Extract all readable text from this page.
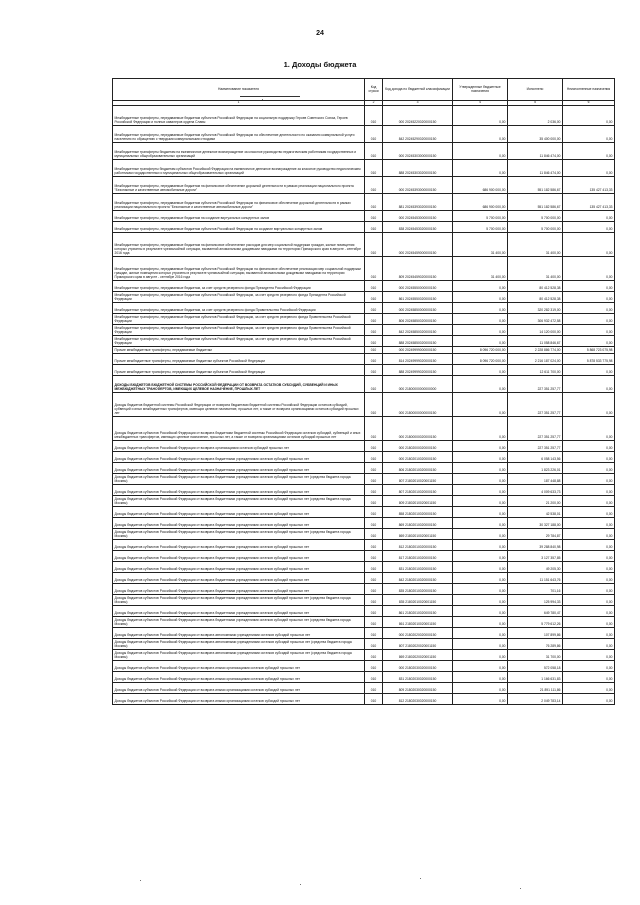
24
1. Доходы бюджета
Наименование показателя	Код строки	Код дохода по бюджетной классификации	Утвержденные бюджетные назначения	Исполнено	Неисполненные назначения
1	2	3	4	5	6
Межбюджетные трансферты, передаваемые бюджетам субъектов Российской Федерации на социальную поддержку Героев Советского Союза, Героев Российской Федерации и полных кавалеров ордена Славы	010	000 20245220020000150	0,00	2 036,00	0,00
Межбюджетные трансферты, передаваемые бюджетам субъектов Российской Федерации на обеспечение деятельности по оказанию коммунальной услуги населению по обращению с твердыми коммунальными отходами	010	842 20245290020000150	0,00	35 400 000,00	0,00
Межбюджетные трансферты бюджетам на ежемесячное денежное вознаграждение за классное руководство педагогическим работникам государственных и муниципальных общеобразовательных организаций	010	000 20245303000000150	0,00	11 846 474,00	0,00
Межбюджетные трансферты бюджетам субъектов Российской Федерации на ежемесячное денежное вознаграждение за классное руководство педагогическим работникам государственных и муниципальных общеобразовательных организаций	010	888 20245303020000150	0,00	11 846 474,00	0,00
Межбюджетные трансферты, передаваемые бюджетам на финансовое обеспечение дорожной деятельности в рамках реализации национального проекта "Безопасные и качественные автомобильные дороги"	010	000 20245393000000150	686 900 000,00	551 182 586,67	135 427 413,33
Межбюджетные трансферты, передаваемые бюджетам субъектов Российской Федерации на финансовое обеспечение дорожной деятельности в рамках реализации национального проекта "Безопасные и качественные автомобильные дороги"	010	881 20245393020000150	686 900 000,00	551 182 586,67	135 427 413,33
Межбюджетные трансферты, передаваемые бюджетам на создание виртуальных концертных залов	010	000 20245453000000150	5 700 000,00	5 700 000,00	0,00
Межбюджетные трансферты, передаваемые бюджетам субъектов Российской Федерации на создание виртуальных концертных залов	010	838 20245453020000150	5 700 000,00	5 700 000,00	0,00
Межбюджетные трансферты, передаваемые бюджетам на финансовое обеспечение расходов для мер социальной поддержки граждан, жилые помещения которых утрачены в результате чрезвычайной ситуации, вызванной аномальными дождевыми паводками на территории Приморского края в августе - сентябре 2016 года	010	000 20245459000000150	31 400,00	31 400,00	0,00
Межбюджетные трансферты, передаваемые бюджетам субъектов Российской Федерации на финансовое обеспечение реализации мер социальной поддержки граждан, жилые помещения которых утрачены в результате чрезвычайной ситуации, вызванной аномальными дождевыми паводками на территории Приморского края в августе - сентябре 2016 года	010	809 20245459020000150	31 400,00	31 400,00	0,00
Межбюджетные трансферты, передаваемые бюджетам, за счет средств резервного фонда Президента Российской Федерации	010	000 20245550000000150	0,00	80 412 528,38	0,00
Межбюджетные трансферты, передаваемые бюджетам субъектов Российской Федерации, за счет средств резервного фонда Президента Российской Федерации	010	861 20245550020000150	0,00	80 412 528,38	0,00
Межбюджетные трансферты, передаваемые бюджетам, за счет средств резервного фонда Правительства Российской Федерации	010	000 20245850000000150	0,00	320 282 319,00	0,00
Межбюджетные трансферты, передаваемые бюджетам субъектов Российской Федерации, за счет средств резервного фонда Правительства Российской Федерации	010	806 20245850020000150	0,00	306 932 472,58	0,00
Межбюджетные трансферты, передаваемые бюджетам субъектов Российской Федерации, за счет средств резервного фонда Правительства Российской Федерации	010	842 20245850020000150	0,00	14 120 000,00	0,00
Межбюджетные трансферты, передаваемые бюджетам субъектов Российской Федерации, за счет средств резервного фонда Правительства Российской Федерации	010	888 20245850020000150	0,00	11 058 846,67	0,00
Прочие межбюджетные трансферты, передаваемые бюджетам	010	000 20249999000000150	8 096 720 000,00	2 228 886 774,00	5 868 723 075,98
Прочие межбюджетные трансферты, передаваемые бюджетам субъектов Российской Федерации	010	814 20249999020000150	8 096 720 000,00	2 216 187 024,00	5 878 533 775,98
Прочие межбюджетные трансферты, передаваемые бюджетам субъектов Российской Федерации	010	888 20249999020000150	0,00	12 611 700,00	0,00
ДОХОДЫ БЮДЖЕТОВ БЮДЖЕТНОЙ СИСТЕМЫ РОССИЙСКОЙ ФЕДЕРАЦИИ ОТ ВОЗВРАТА ОСТАТКОВ СУБСИДИЙ, СУБВЕНЦИЙ И ИНЫХ МЕЖБЮДЖЕТНЫХ ТРАНСФЕРТОВ, ИМЕЮЩИХ ЦЕЛЕВОЕ НАЗНАЧЕНИЕ, ПРОШЛЫХ ЛЕТ	010	000 21800000000000000	0,00	227 351 257,77	0,00
Доходы бюджетов бюджетной системы Российской Федерации от возврата бюджетами бюджетной системы Российской Федерации остатков субсидий, субвенций и иных межбюджетных трансфертов, имеющих целевое назначение, прошлых лет, а также от возврата организациями остатков субсидий прошлых лет	010	000 21800000000000150	0,00	227 351 257,77	0,00
Доходы бюджетов субъектов Российской Федерации от возврата бюджетами бюджетной системы Российской Федерации остатков субсидий, субвенций и иных межбюджетных трансфертов, имеющих целевое назначение, прошлых лет, а также от возврата организациями остатков субсидий прошлых лет	010	000 21800000020000150	0,00	227 351 257,77	0,00
Доходы бюджетов субъектов Российской Федерации от возврата организациями остатков субсидий прошлых лет	010	000 21802000020000150	0,00	227 351 257,77	0,00
Доходы бюджетов субъектов Российской Федерации от возврата бюджетными учреждениями остатков субсидий прошлых лет	010	000 21802010020000150	0,00	6 058 143,56	0,00
Доходы бюджетов субъектов Российской Федерации от возврата бюджетными учреждениями остатков субсидий прошлых лет	010	806 21802010020000150	0,00	1 823 226,01	0,00
Доходы бюджетов субъектов Российской Федерации от возврата бюджетными учреждениями остатков субсидий прошлых лет (средства бюджета города Москвы)	010	807 21802010020001150	0,00	187 448,88	0,00
Доходы бюджетов субъектов Российской Федерации от возврата бюджетными учреждениями остатков субсидий прошлых лет	010	807 21802010020000150	0,00	4 009 633,73	0,00
Доходы бюджетов субъектов Российской Федерации от возврата бюджетными учреждениями остатков субсидий прошлых лет (средства бюджета города Москвы)	010	809 21802010020001150	0,00	21 200,00	0,00
Доходы бюджетов субъектов Российской Федерации от возврата бюджетными учреждениями остатков субсидий прошлых лет	010	858 21802010020000150	0,00	42 538,01	0,00
Доходы бюджетов субъектов Российской Федерации от возврата бюджетными учреждениями остатков субсидий прошлых лет	010	869 21802010020000150	0,00	30 327 188,00	0,00
Доходы бюджетов субъектов Российской Федерации от возврата бюджетными учреждениями остатков субсидий прошлых лет (средства бюджета города Москвы)	010	869 21802010020001150	0,00	29 784,87	0,00
Доходы бюджетов субъектов Российской Федерации от возврата бюджетными учреждениями остатков субсидий прошлых лет	010	812 21802010020000150	0,00	39 288 840,98	0,00
Доходы бюджетов субъектов Российской Федерации от возврата бюджетными учреждениями остатков субсидий прошлых лет	010	817 21802010020000150	0,00	3 127 357,85	0,00
Доходы бюджетов субъектов Российской Федерации от возврата бюджетными учреждениями остатков субсидий прошлых лет	010	831 21802010020000150	0,00	49 205,30	0,00
Доходы бюджетов субъектов Российской Федерации от возврата бюджетными учреждениями остатков субсидий прошлых лет	010	842 21802010020000150	0,00	11 151 643,76	0,00
Доходы бюджетов субъектов Российской Федерации от возврата бюджетными учреждениями остатков субсидий прошлых лет	010	835 21802010020000150	0,00	701,16	0,00
Доходы бюджетов субъектов Российской Федерации от возврата бюджетными учреждениями остатков субсидий прошлых лет (средства бюджета города Москвы)	010	835 21802010020001150	0,00	125 994,33	0,00
Доходы бюджетов субъектов Российской Федерации от возврата бюджетными учреждениями остатков субсидий прошлых лет	010	861 21802010020000150	0,00	649 780,47	0,00
Доходы бюджетов субъектов Российской Федерации от возврата бюджетными учреждениями остатков субсидий прошлых лет (средства бюджета города Москвы)	010	861 21802010020001150	0,00	5 779 612,26	0,00
Доходы бюджетов субъектов Российской Федерации от возврата автономными учреждениями остатков субсидий прошлых лет	010	000 21802020020000150	0,00	107 899,86	0,00
Доходы бюджетов субъектов Российской Федерации от возврата автономными учреждениями остатков субсидий прошлых лет (средства бюджета города Москвы)	010	807 21802020020001150	0,00	76 289,86	0,00
Доходы бюджетов субъектов Российской Федерации от возврата автономными учреждениями остатков субсидий прошлых лет (средства бюджета города Москвы)	010	869 21802020020001150	0,00	31 700,00	0,00
Доходы бюджетов субъектов Российской Федерации от возврата иными организациями остатков субсидий прошлых лет	010	000 21802030020000150	0,00	572 058,18	0,00
Доходы бюджетов субъектов Российской Федерации от возврата иными организациями остатков субсидий прошлых лет	010	831 21802030020000150	0,00	1 166 631,83	0,00
Доходы бюджетов субъектов Российской Федерации от возврата иными организациями остатков субсидий прошлых лет	010	809 21802030020000150	0,00	21 891 111,86	0,00
Доходы бюджетов субъектов Российской Федерации от возврата иными организациями остатков субсидий прошлых лет	010	812 21802030020000150	0,00	2 049 783,14	0,00
